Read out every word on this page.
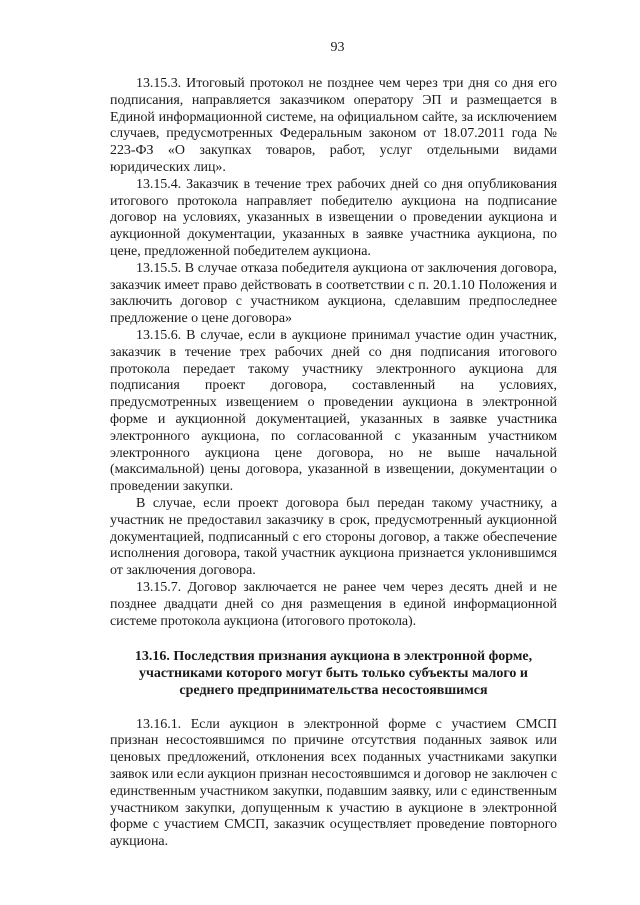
93

13.15.3. Итоговый протокол не позднее чем через три дня со дня его подписания, направляется заказчиком оператору ЭП и размещается в Единой информационной системе, на официальном сайте, за исключением случаев, предусмотренных Федеральным законом от 18.07.2011 года № 223-ФЗ «О закупках товаров, работ, услуг отдельными видами юридических лиц».

13.15.4. Заказчик в течение трех рабочих дней со дня опубликования итогового протокола направляет победителю аукциона на подписание договор на условиях, указанных в извещении о проведении аукциона и аукционной документации, указанных в заявке участника аукциона, по цене, предложенной победителем аукциона.

13.15.5. В случае отказа победителя аукциона от заключения договора, заказчик имеет право действовать в соответствии с п. 20.1.10 Положения и заключить договор с участником аукциона, сделавшим предпоследнее предложение о цене договора»

13.15.6. В случае, если в аукционе принимал участие один участник, заказчик в течение трех рабочих дней со дня подписания итогового протокола передает такому участнику электронного аукциона для подписания проект договора, составленный на условиях, предусмотренных извещением о проведении аукциона в электронной форме и аукционной документацией, указанных в заявке участника электронного аукциона, по согласованной с указанным участником электронного аукциона цене договора, но не выше начальной (максимальной) цены договора, указанной в извещении, документации о проведении закупки.

В случае, если проект договора был передан такому участнику, а участник не предоставил заказчику в срок, предусмотренный аукционной документацией, подписанный с его стороны договор, а также обеспечение исполнения договора, такой участник аукциона признается уклонившимся от заключения договора.

13.15.7. Договор заключается не ранее чем через десять дней и не позднее двадцати дней со дня размещения в единой информационной системе протокола аукциона (итогового протокола).

13.16. Последствия признания аукциона в электронной форме, участниками которого могут быть только субъекты малого и среднего предпринимательства несостоявшимся

13.16.1. Если аукцион в электронной форме с участием СМСП признан несостоявшимся по причине отсутствия поданных заявок или ценовых предложений, отклонения всех поданных участниками закупки заявок или если аукцион признан несостоявшимся и договор не заключен с единственным участником закупки, подавшим заявку, или с единственным участником закупки, допущенным к участию в аукционе в электронной форме с участием СМСП, заказчик осуществляет проведение повторного аукциона.
